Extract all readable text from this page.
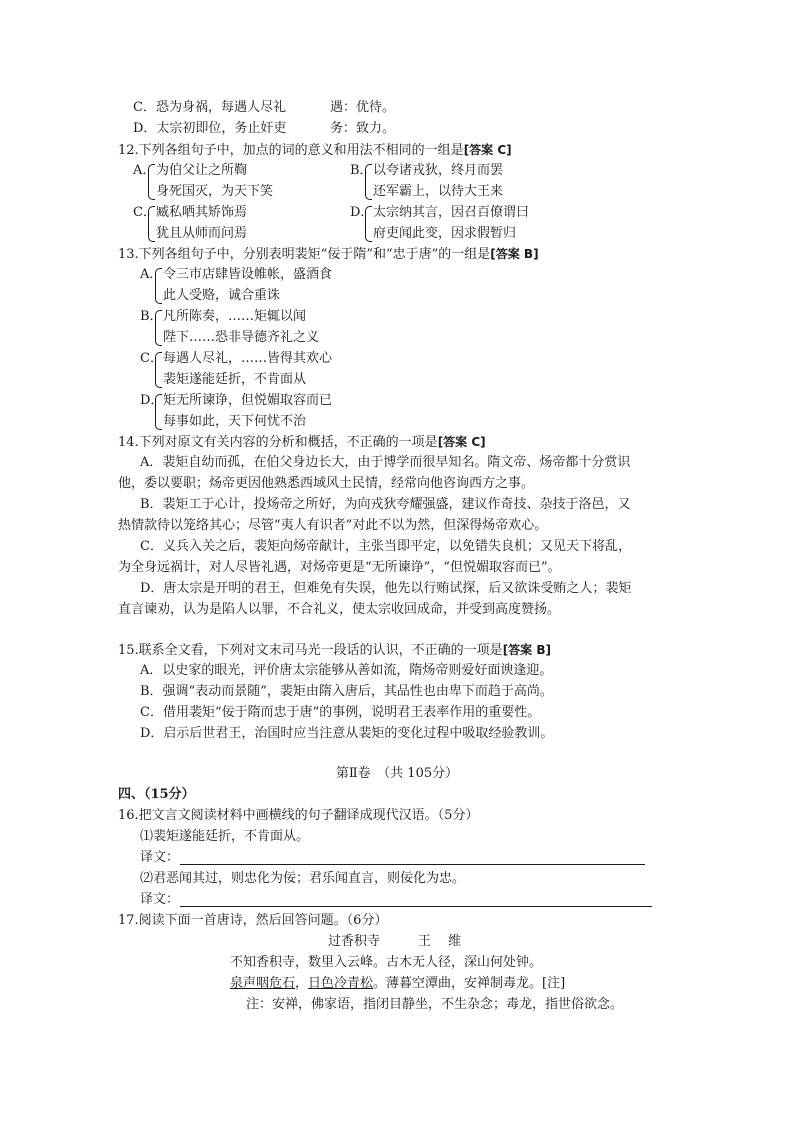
C．恐为身祸，每遇人尽礼	遇：优待。
D．太宗初即位，务止奸吏	务：致力。
12.下列各组句子中，加点的词的意义和用法不相同的一组是[答案 C]
A． 为伯父让之所鞫
身死国灭，为天下笑
B． 以夸诸戎狄，终月而罢
还军霸上，以待大王来
C． 臧私哂其矫饰焉
犹且从师而问焉
D． 太宗纳其言，因召百僚谓曰
府吏闻此变，因求假暂归
13.下列各组句子中，分别表明裴矩“佞于隋”和“忠于唐”的一组是[答案 B]
A． 令三市店肆皆设帷帐，盛酒食
此人受赂，诚合重诛
B． 凡所陈奏，……矩辄以闻
陛下……恐非导德齐礼之义
C． 每遇人尽礼，……皆得其欢心
裴矩遂能廷折，不肯面从
D． 矩无所谏诤，但悦媚取容而已
每事如此，天下何忧不治
14.下列对原文有关内容的分析和概括，不正确的一项是[答案 C]
A．裴矩自幼而孤，在伯父身边长大，由于博学而很早知名。隋文帝、炀帝都十分赏识
他，委以要职；炀帝更因他熟悉西域风土民情，经常向他咨询西方之事。
B．裴矩工于心计，投炀帝之所好，为向戎狄夸耀强盛，建议作奇技、杂技于洛邑，又
热情款待以笼络其心；尽管“夷人有识者”对此不以为然，但深得炀帝欢心。
C．义兵入关之后，裴矩向炀帝献计，主张当即平定，以免错失良机；又见天下将乱，
为全身远祸计，对人尽皆礼遇，对炀帝更是“无所谏诤”，“但悦媚取容而已”。
D．唐太宗是开明的君王，但难免有失误，他先以行贿试探，后又欲诛受贿之人；裴矩
直言谏劝，认为是陷人以罪，不合礼义，使太宗收回成命，并受到高度赞扬。
15.联系全文看，下列对文末司马光一段话的认识，不正确的一项是[答案 B]
A．以史家的眼光，评价唐太宗能够从善如流，隋炀帝则爱好面谀逢迎。
B．强调“表动而景随”，裴矩由隋入唐后，其品性也由卑下而趋于高尚。
C．借用裴矩“佞于隋而忠于唐”的事例，说明君王表率作用的重要性。
D．启示后世君王，治国时应当注意从裴矩的变化过程中吸取经验教训。
第Ⅱ卷　（共 105分）
四、（15分）
16.把文言文阅读材料中画横线的句子翻译成现代汉语。（5分）
⑴裴矩遂能廷折，不肯面从。
译文：
⑵君恶闻其过，则忠化为佞；君乐闻直言，则佞化为忠。
译文：
17.阅读下面一首唐诗，然后回答问题。（6分）
过香积寺	王　 维
不知香积寺，数里入云峰。古木无人径，深山何处钟。
泉声咽危石，日色冷青松。薄暮空潭曲，安禅制毒龙。[注]
注：安禅，佛家语，指闭目静坐，不生杂念；毒龙，指世俗欲念。
